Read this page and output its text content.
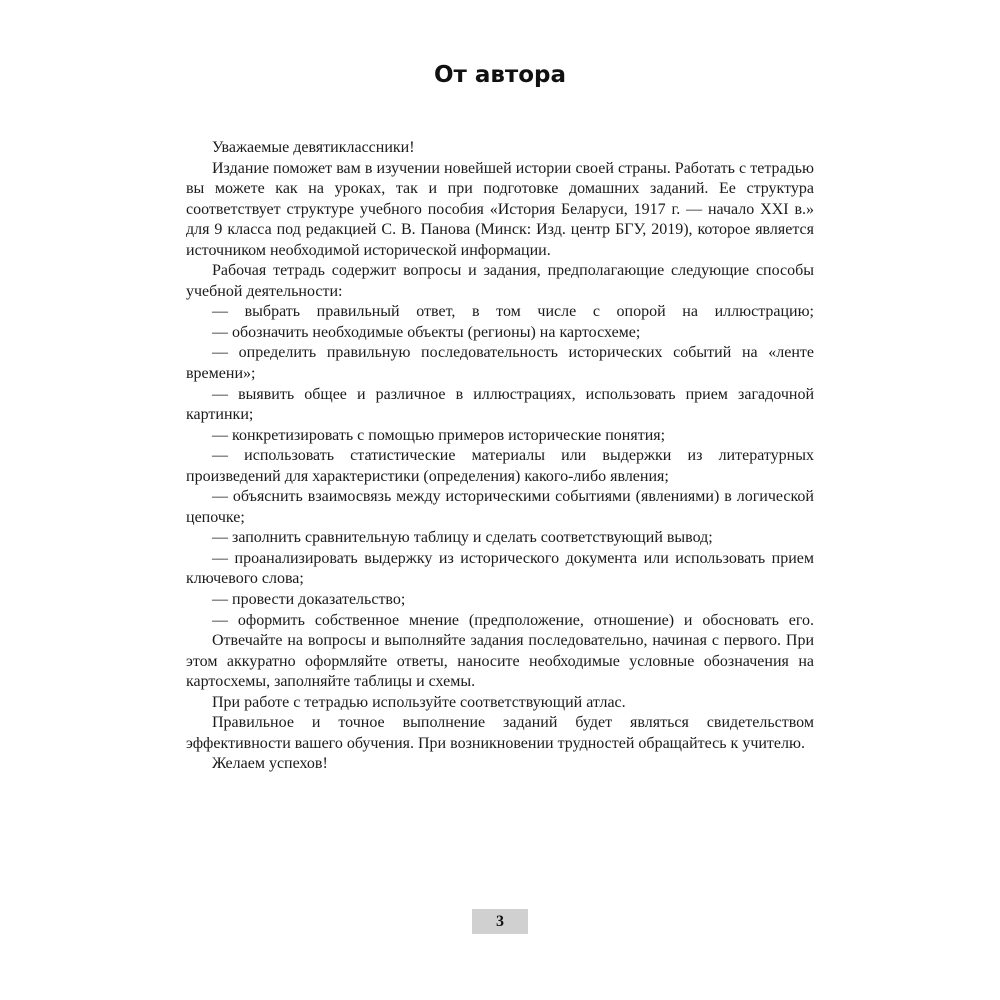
От автора

Уважаемые девятиклассники!

Издание поможет вам в изучении новейшей истории своей страны. Работать с тетрадью вы можете как на уроках, так и при подготовке домашних заданий. Ее структура соответствует структуре учебного пособия «История Беларуси, 1917 г. — начало XXI в.» для 9 класса под редакцией С. В. Панова (Минск: Изд. центр БГУ, 2019), которое является источником необходимой исторической информации.

Рабочая тетрадь содержит вопросы и задания, предполагающие следующие способы учебной деятельности:

— выбрать правильный ответ, в том числе с опорой на иллюстрацию;

— обозначить необходимые объекты (регионы) на картосхеме;

— определить правильную последовательность исторических событий на «ленте времени»;

— выявить общее и различное в иллюстрациях, использовать прием загадочной картинки;

— конкретизировать с помощью примеров исторические понятия;

— использовать статистические материалы или выдержки из литературных произведений для характеристики (определения) какого-либо явления;

— объяснить взаимосвязь между историческими событиями (явлениями) в логической цепочке;

— заполнить сравнительную таблицу и сделать соответствующий вывод;

— проанализировать выдержку из исторического документа или использовать прием ключевого слова;

— провести доказательство;

— оформить собственное мнение (предположение, отношение) и обосновать его.

Отвечайте на вопросы и выполняйте задания последовательно, начиная с первого. При этом аккуратно оформляйте ответы, наносите необходимые условные обозначения на картосхемы, заполняйте таблицы и схемы.

При работе с тетрадью используйте соответствующий атлас.

Правильное и точное выполнение заданий будет являться свидетельством эффективности вашего обучения. При возникновении трудностей обращайтесь к учителю.

Желаем успехов!

3
